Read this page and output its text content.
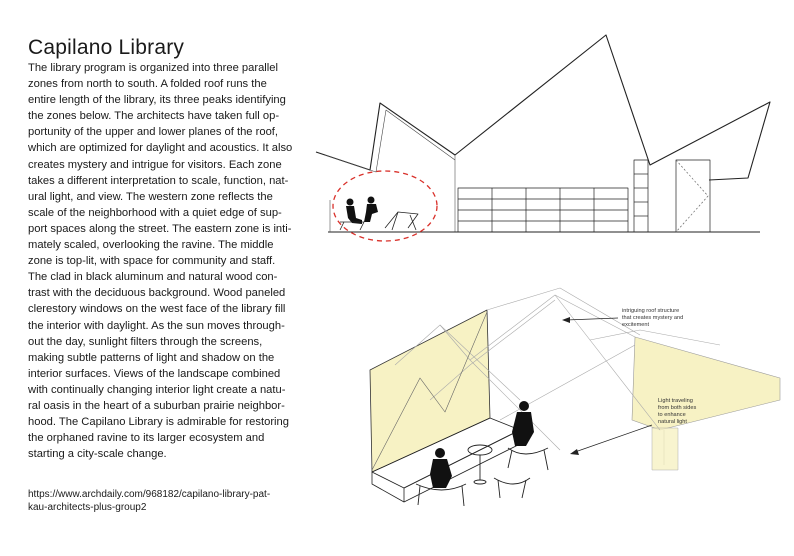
Capilano Library
The library program is organized into three parallel
zones from north to south. A folded roof runs the
entire length of the library, its three peaks identifying
the zones below. The architects have taken full op-
portunity of the upper and lower planes of the roof,
which are optimized for daylight and acoustics. It also
creates mystery and intrigue for visitors. Each zone
takes a different interpretation to scale, function, nat-
ural light, and view. The western zone reflects the
scale of the neighborhood with a quiet edge of sup-
port spaces along the street. The eastern zone is inti-
mately scaled, overlooking the ravine. The middle
zone is top-lit, with space for community and staff.
The clad in black aluminum and natural wood con-
trast with the deciduous background. Wood paneled
clerestory windows on the west face of the library fill
the interior with daylight. As the sun moves through-
out the day, sunlight filters through the screens,
making subtle patterns of light and shadow on the
interior surfaces. Views of the landscape combined
with continually changing interior light create a natu-
ral oasis in the heart of a suburban prairie neighbor-
hood. The Capilano Library is admirable for restoring
the orphaned ravine to its larger ecosystem and
starting a city-scale change.
https://www.archdaily.com/968182/capilano-library-pat-
kau-architects-plus-group2
intriguing roof structure
that creates mystery and
excitement
Light traveling
from both sides
to enhance
natural light
